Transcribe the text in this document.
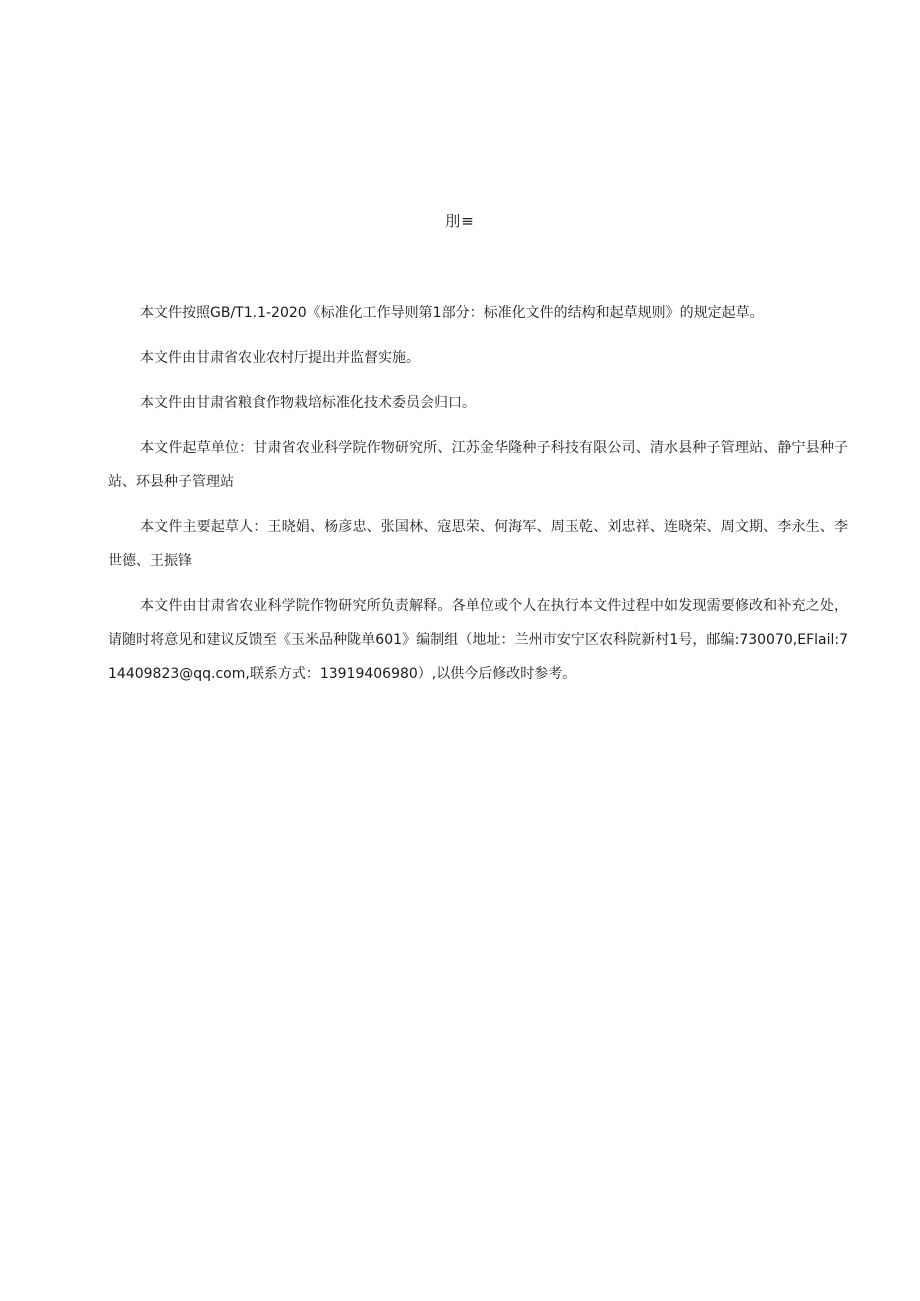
刖≡

本文件按照GB/T1.1-2020《标准化工作导则第1部分：标准化文件的结构和起草规则》的规定起草。

本文件由甘肃省农业农村厅提出并监督实施。

本文件由甘肃省粮食作物栽培标准化技术委员会归口。

本文件起草单位：甘肃省农业科学院作物研究所、江苏金华隆种子科技有限公司、清水县种子管理站、静宁县种子站、环县种子管理站

本文件主要起草人：王晓娟、杨彦忠、张国林、寇思荣、何海军、周玉乾、刘忠祥、连晓荣、周文期、李永生、李世德、王振锋

本文件由甘肃省农业科学院作物研究所负责解释。各单位或个人在执行本文件过程中如发现需要修改和补充之处，请随时将意见和建议反馈至《玉米品种陇单601》编制组（地址：兰州市安宁区农科院新村1号，邮编:730070,EFlail:714409823@qq.com,联系方式：13919406980）,以供今后修改时参考。
